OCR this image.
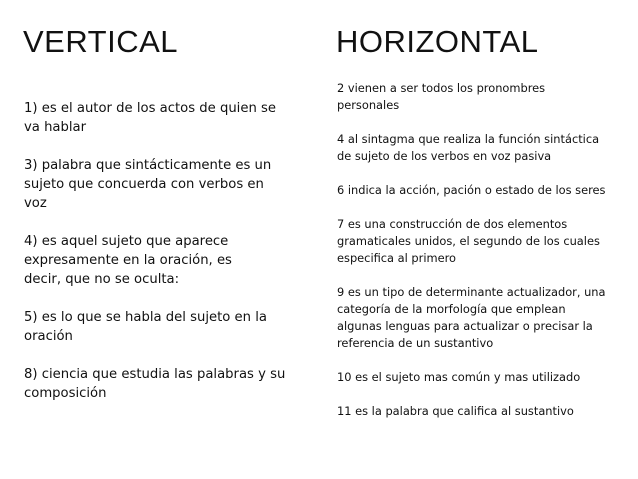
VERTICAL	HORIZONTAL
1) es el autor de los actos de quien se
va hablar
3) palabra que sintácticamente es un
sujeto que concuerda con verbos en
voz
4) es aquel sujeto que aparece
expresamente en la oración, es
decir, que no se oculta:
5) es lo que se habla del sujeto en la
oración
8) ciencia que estudia las palabras y su
composición
2 vienen a ser todos los pronombres
personales
4 al sintagma que realiza la función sintáctica
de sujeto de los verbos en voz pasiva
6 indica la acción, pación o estado de los seres
7 es una construcción de dos elementos
gramaticales unidos, el segundo de los cuales
especifica al primero
9 es un tipo de determinante actualizador, una
categoría de la morfología que emplean
algunas lenguas para actualizar o precisar la
referencia de un sustantivo
10 es el sujeto mas común y mas utilizado
11 es la palabra que califica al sustantivo
